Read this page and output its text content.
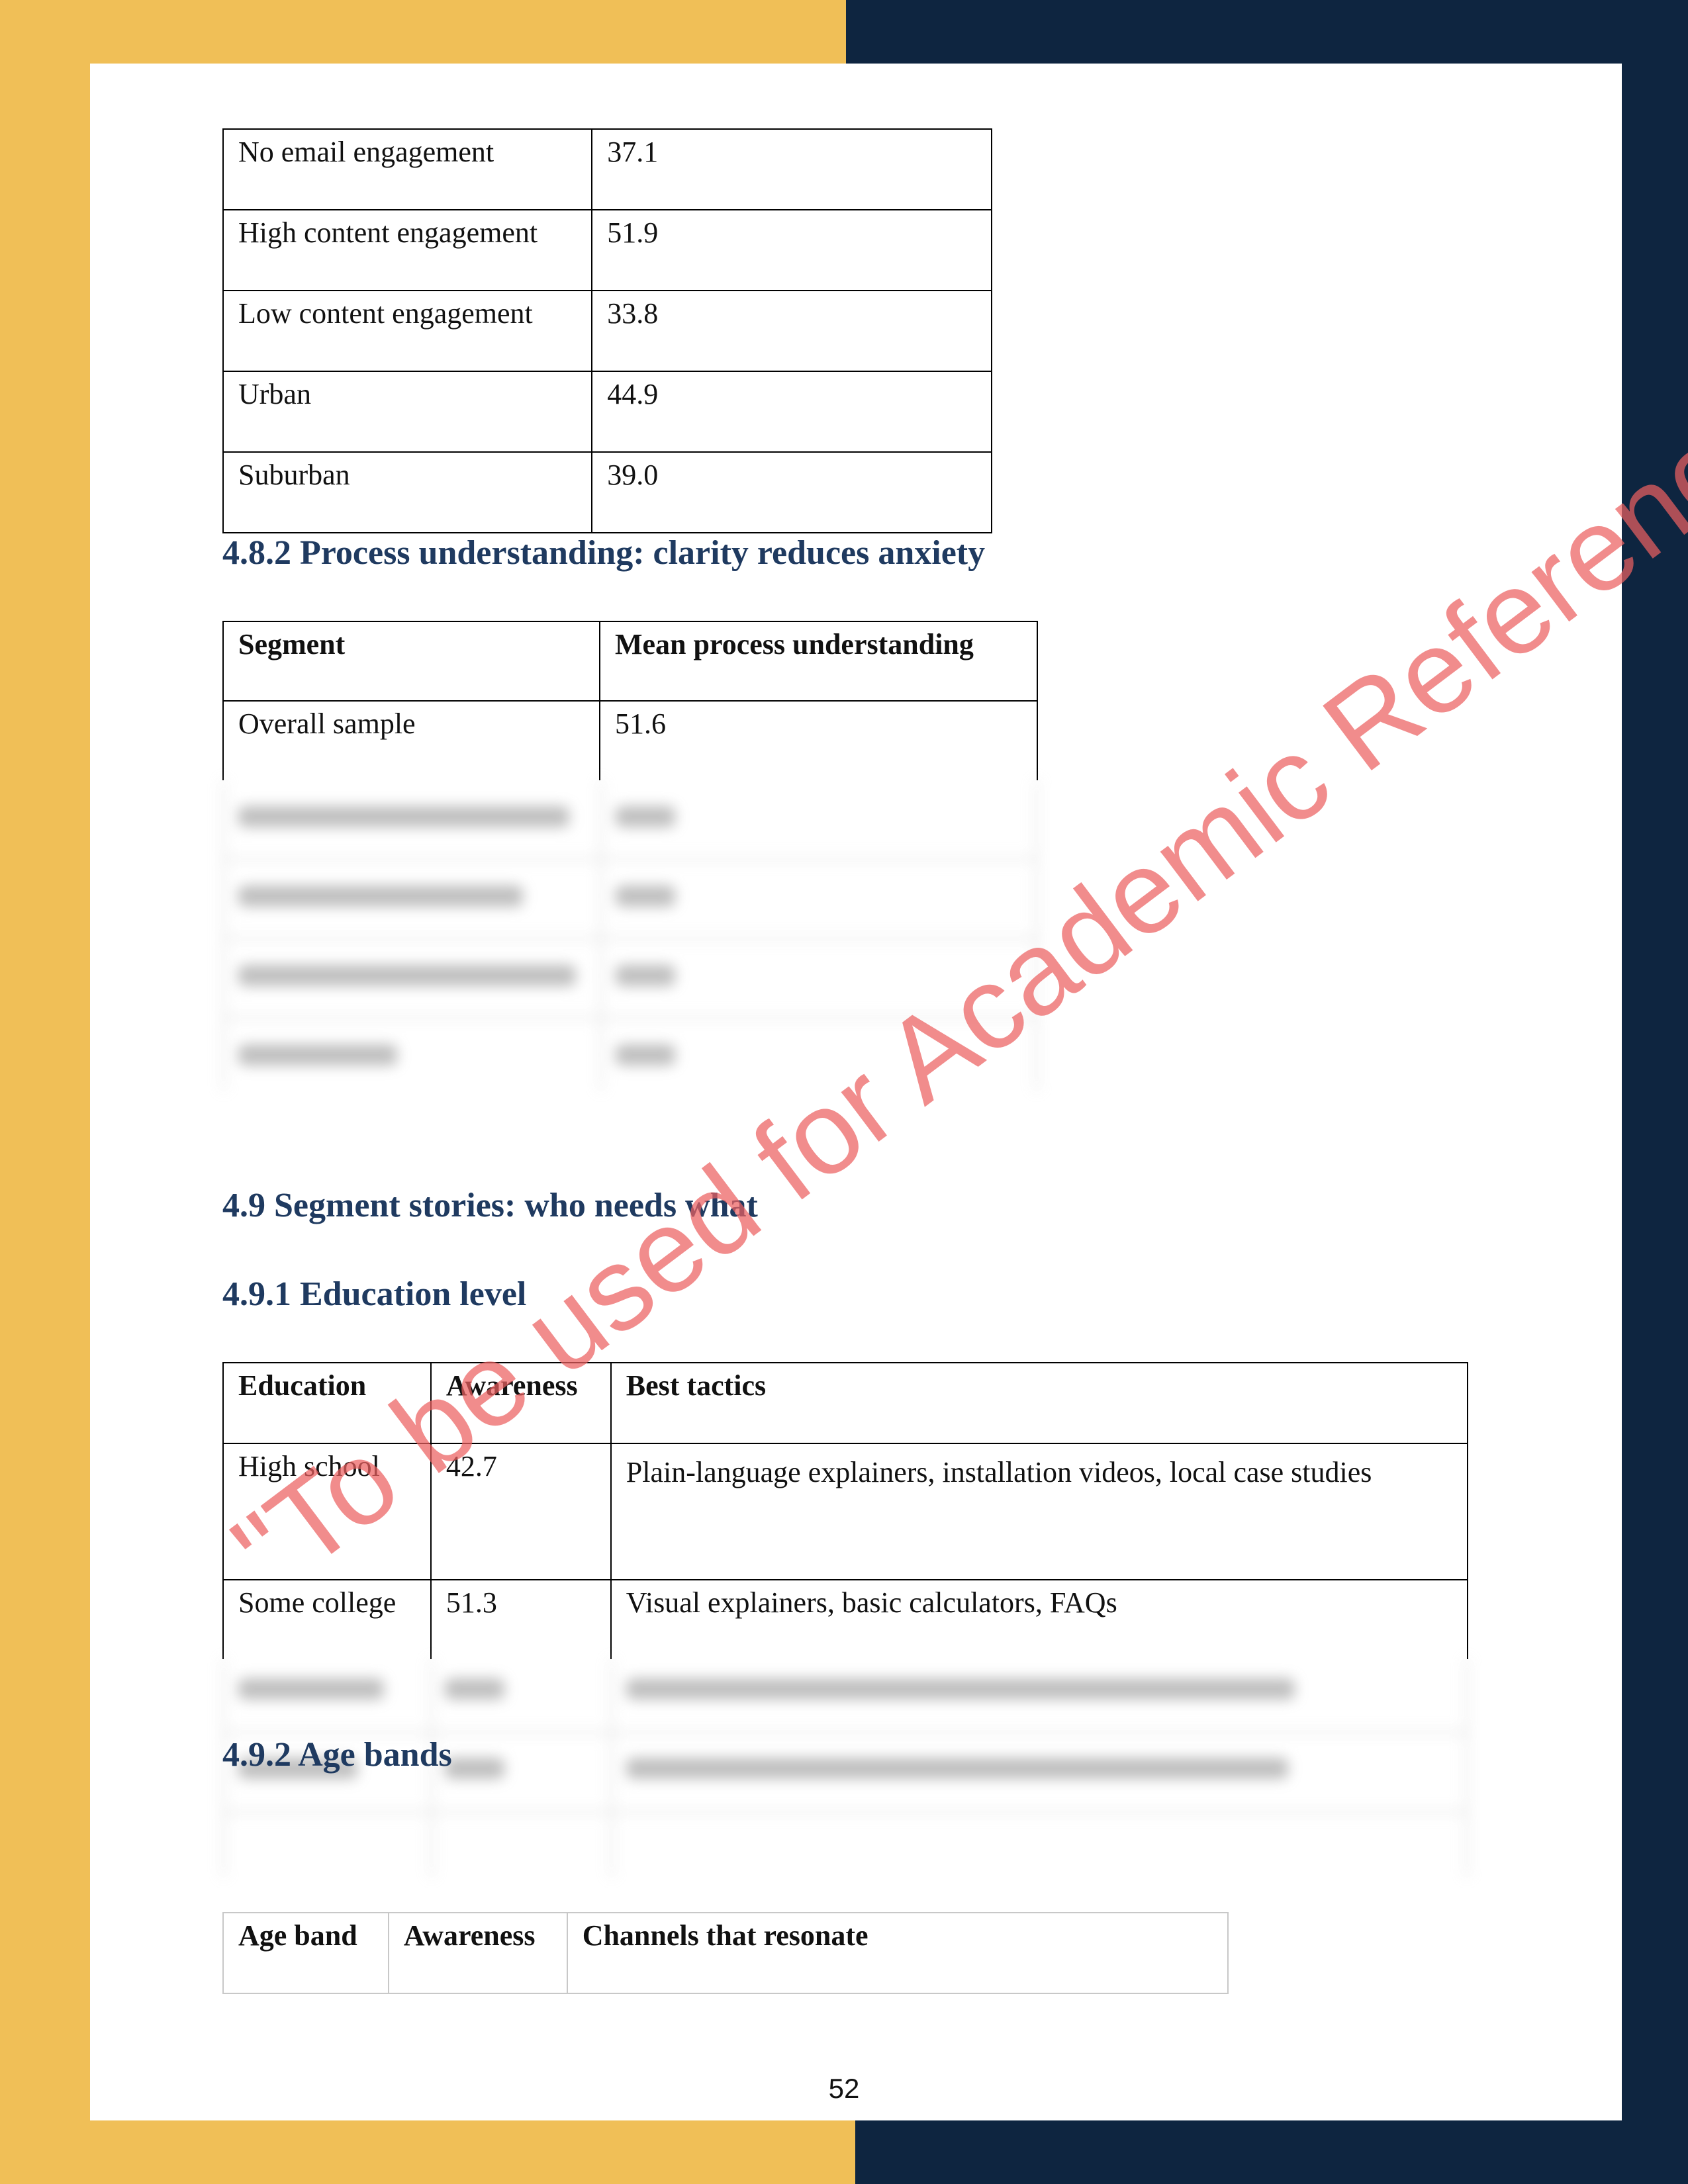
No email engagement	37.1
High content engagement	51.9
Low content engagement	33.8
Urban	44.9
Suburban	39.0
4.8.2 Process understanding: clarity reduces anxiety
Segment	Mean process understanding
Overall sample	51.6
4.9 Segment stories: who needs what
4.9.1 Education level
Education	Awareness	Best tactics
High school	42.7	Plain-language explainers, installation videos, local case studies
Some college	51.3	Visual explainers, basic calculators, FAQs
4.9.2 Age bands
Age band	Awareness	Channels that resonate
"To be used for Academic
52
